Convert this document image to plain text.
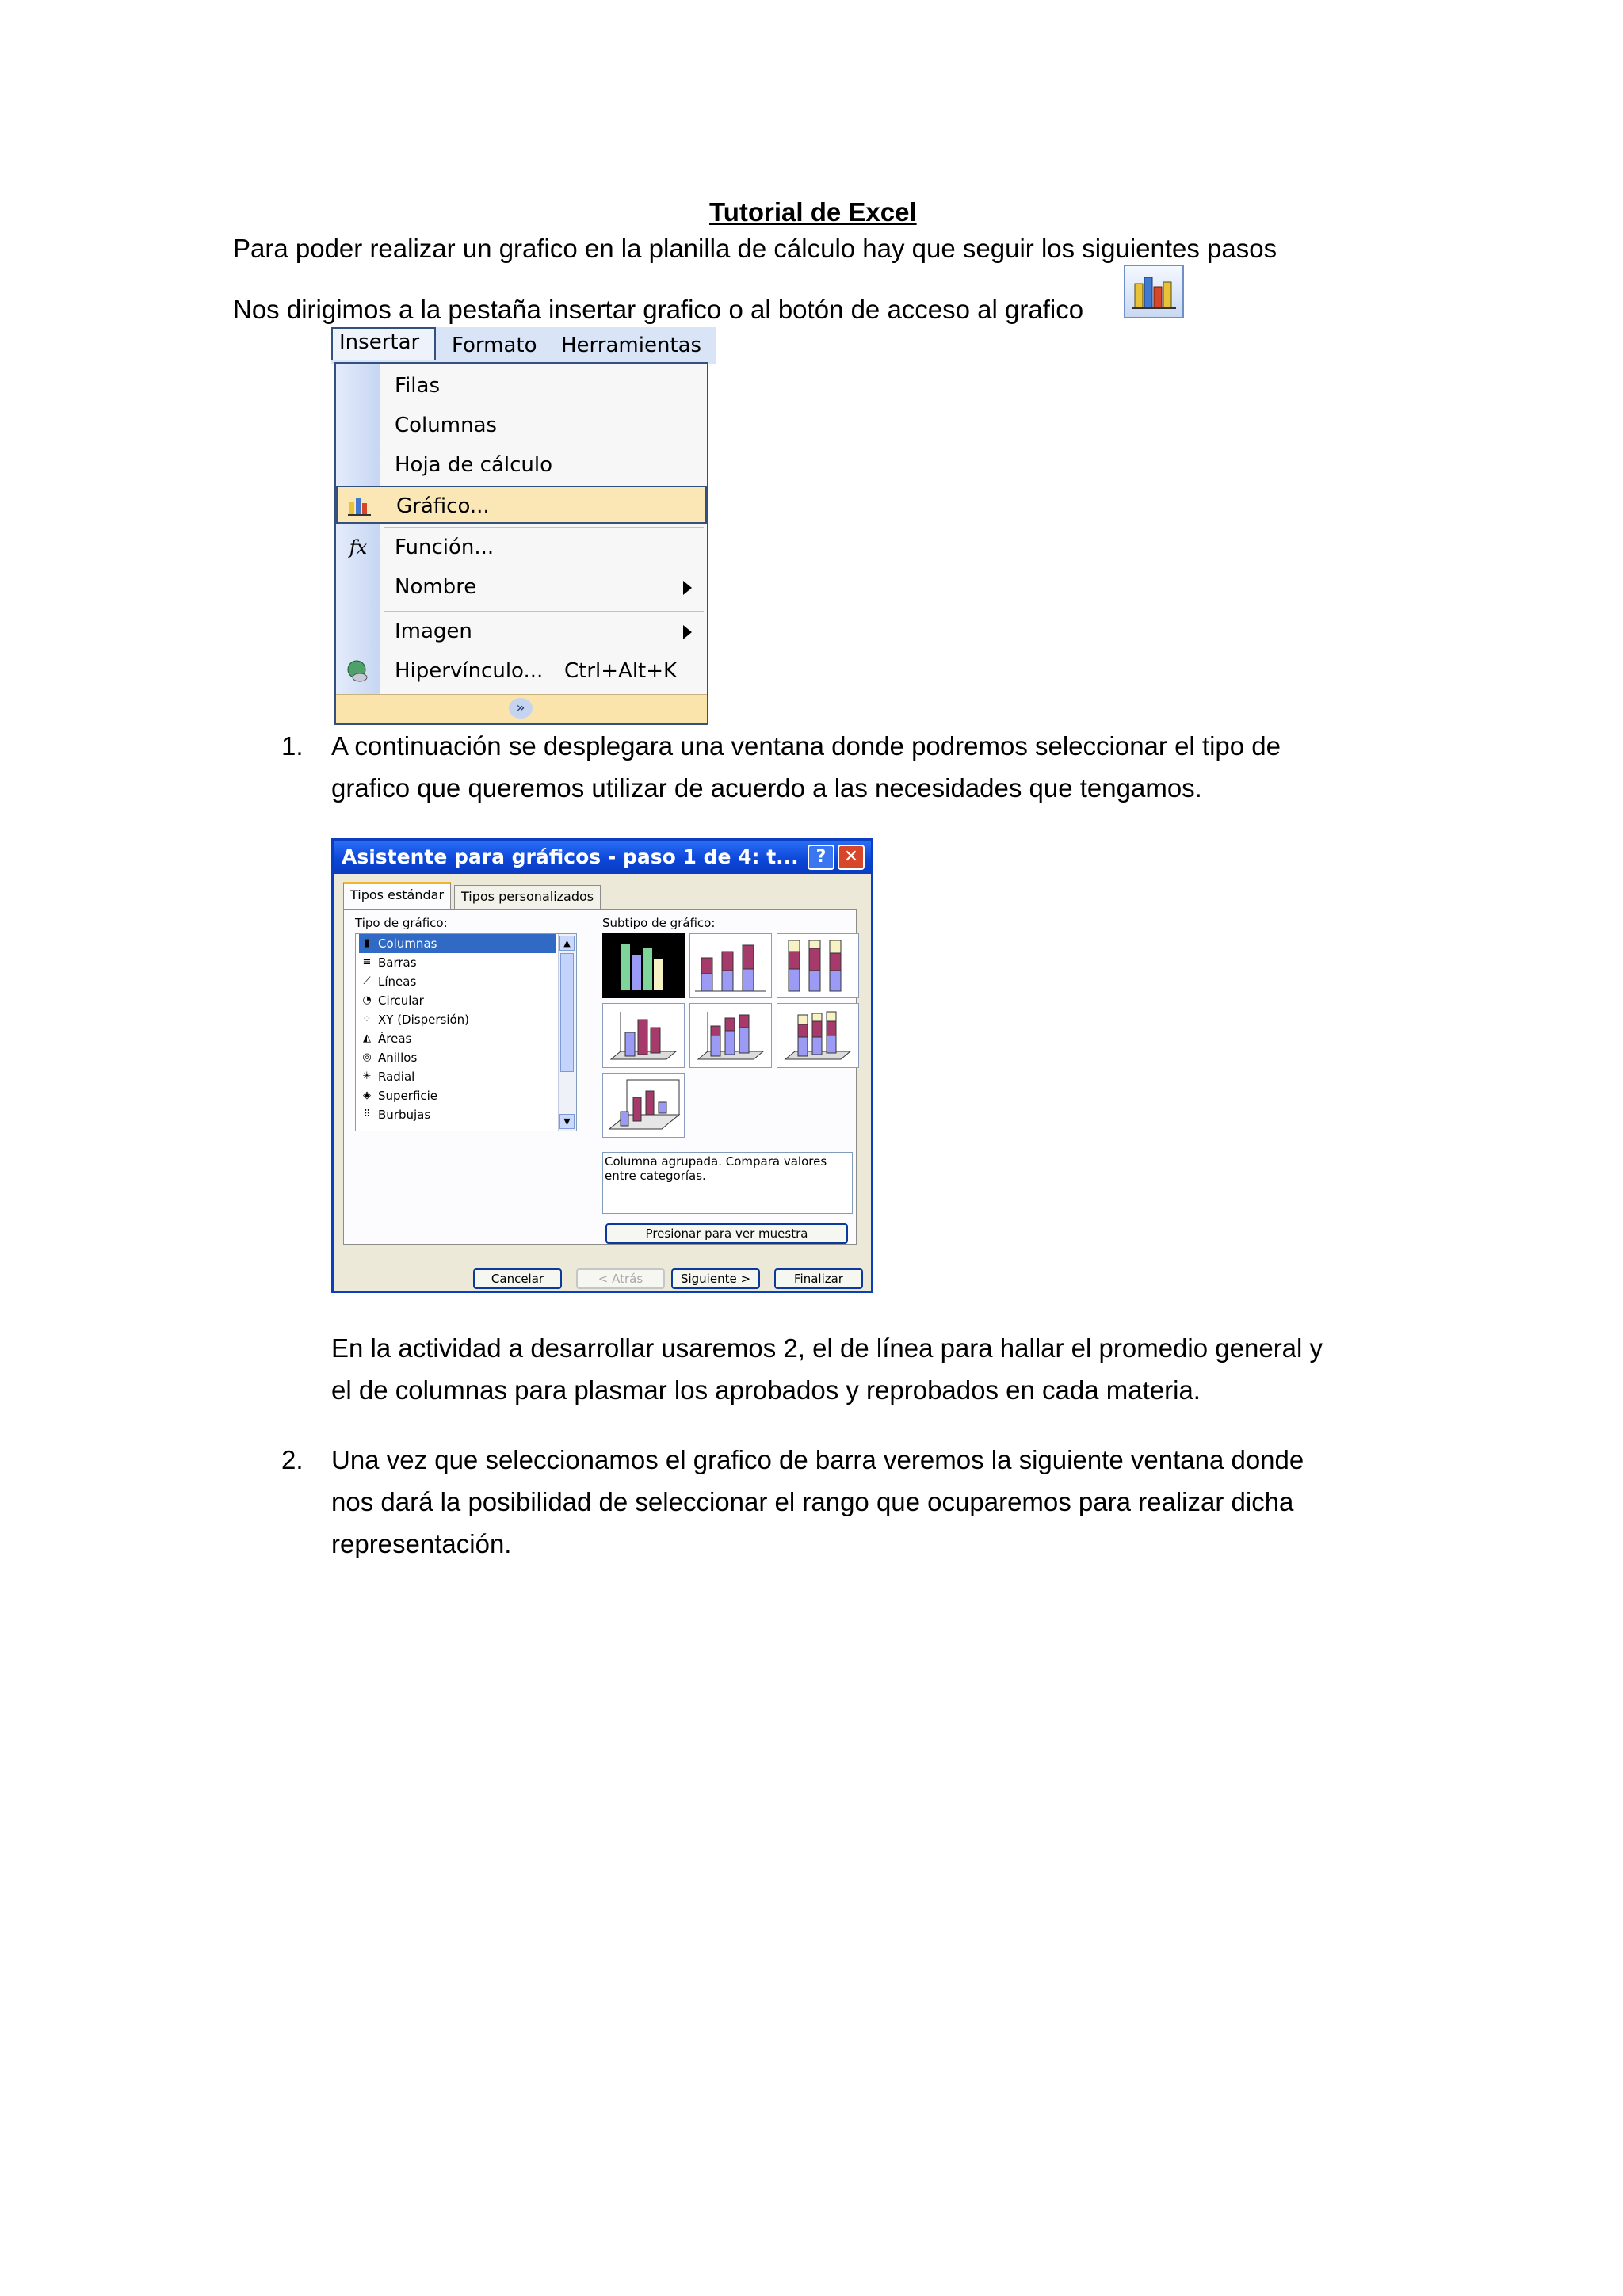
Tutorial de Excel
Para poder realizar un grafico en la planilla de cálculo hay que seguir los siguientes pasos
Nos dirigimos a la pestaña insertar grafico o al botón de acceso al grafico
Insertar Formato Herramientas
Filas
Columnas
Hoja de cálculo
Gráfico...
fx Función...
Nombre
Imagen
Hipervínculo... Ctrl+Alt+K
»
1. A continuación se desplegara una ventana donde podremos seleccionar el tipo de
grafico que queremos utilizar de acuerdo a las necesidades que tengamos.
Asistente para gráficos - paso 1 de 4: t... ?	✕
Tipos estándar	Tipos personalizados
Tipo de gráfico:	Subtipo de gráfico:
▮ Columnas
≡ Barras
⟋ Líneas
◔ Circular
⁘ XY (Dispersión)
◭ Áreas
◎ Anillos
✳ Radial
◈ Superficie
⠿ Burbujas
▲
▼
Columna agrupada. Compara valores entre categorías.
Presionar para ver muestra
Cancelar	< Atrás	Siguiente >	Finalizar
En la actividad a desarrollar usaremos 2, el de línea para hallar el promedio general y
el de columnas para plasmar los aprobados y reprobados en cada materia.
2. Una vez que seleccionamos el grafico de barra veremos la siguiente ventana donde
nos dará la posibilidad de seleccionar el rango que ocuparemos para realizar dicha
representación.
